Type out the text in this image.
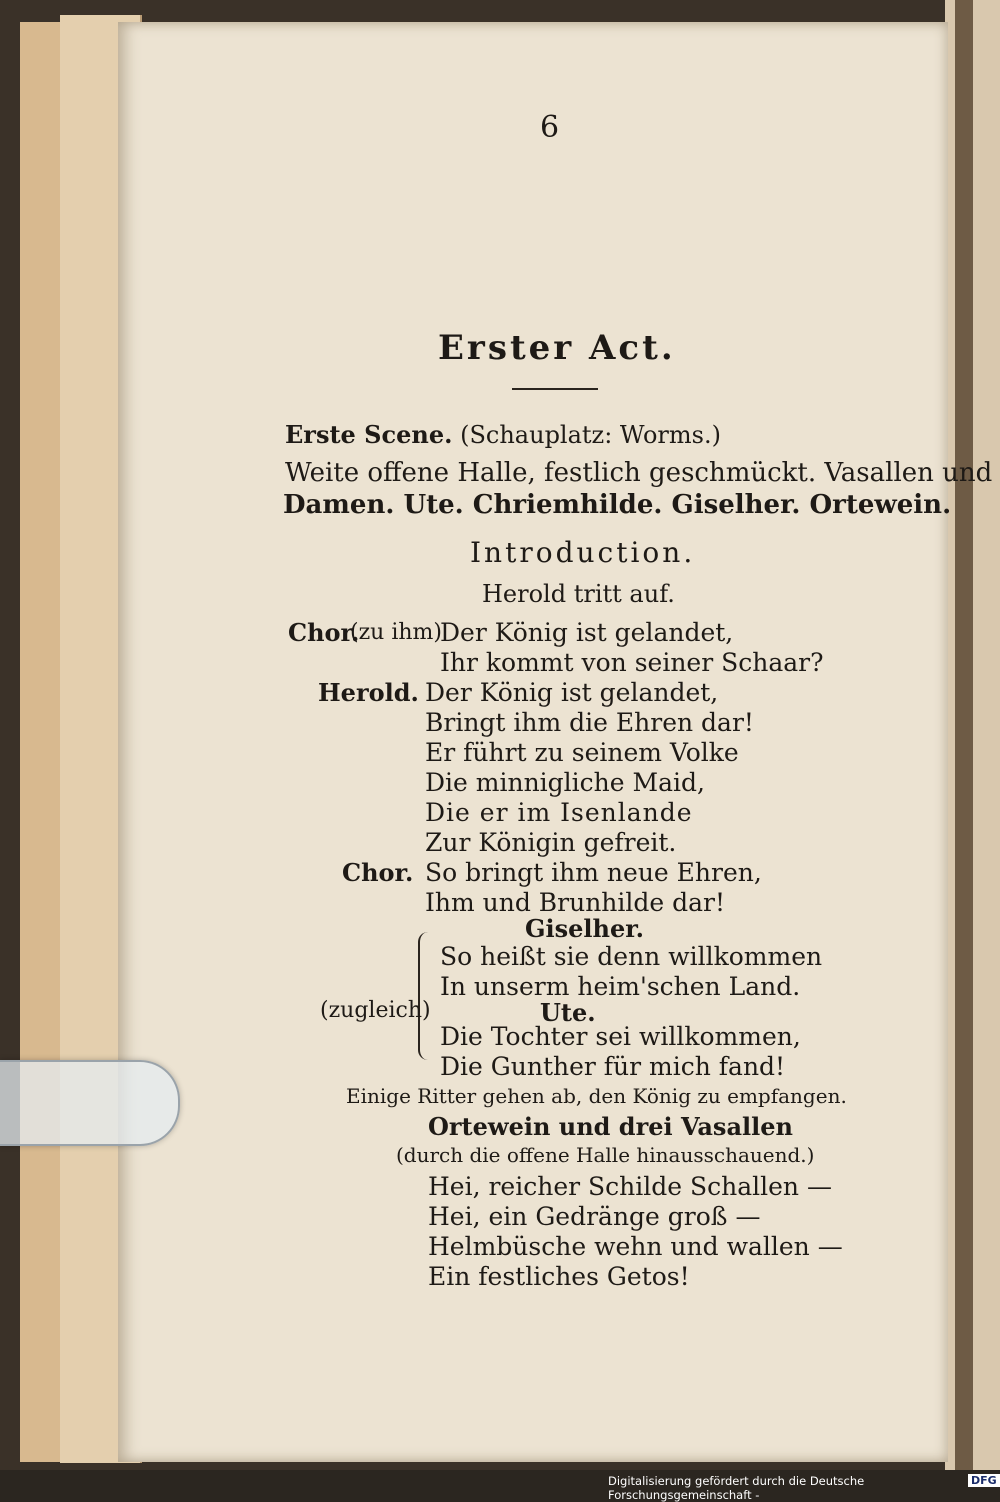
6
Erster Act.
Erste Scene. (Schauplatz: Worms.)
Weite offene Halle, festlich geschmückt. Vasallen und
Damen. Ute. Chriemhilde. Giselher. Ortewein.
Introduction.
Herold tritt auf.
Chor.
(zu ihm)
Der König ist gelandet,
Ihr kommt von seiner Schaar?
Herold. Der König ist gelandet,
Bringt ihm die Ehren dar!
Er führt zu seinem Volke
Die minnigliche Maid,
Die er im Isenlande
Zur Königin gefreit.
Chor. So bringt ihm neue Ehren,
Ihm und Brunhilde dar!
Giselher.
So heißt sie denn willkommen
In unserm heim'schen Land.
(zugleich)	Ute.
Die Tochter sei willkommen,
Die Gunther für mich fand!
Einige Ritter gehen ab, den König zu empfangen.
Ortewein und drei Vasallen
(durch die offene Halle hinausschauend.)
Hei, reicher Schilde Schallen —
Hei, ein Gedränge groß —
Helmbüsche wehn und wallen —
Ein festliches Getos!
Digitalisierung gefördert durch die Deutsche Forschungsgemeinschaft -
DFG
